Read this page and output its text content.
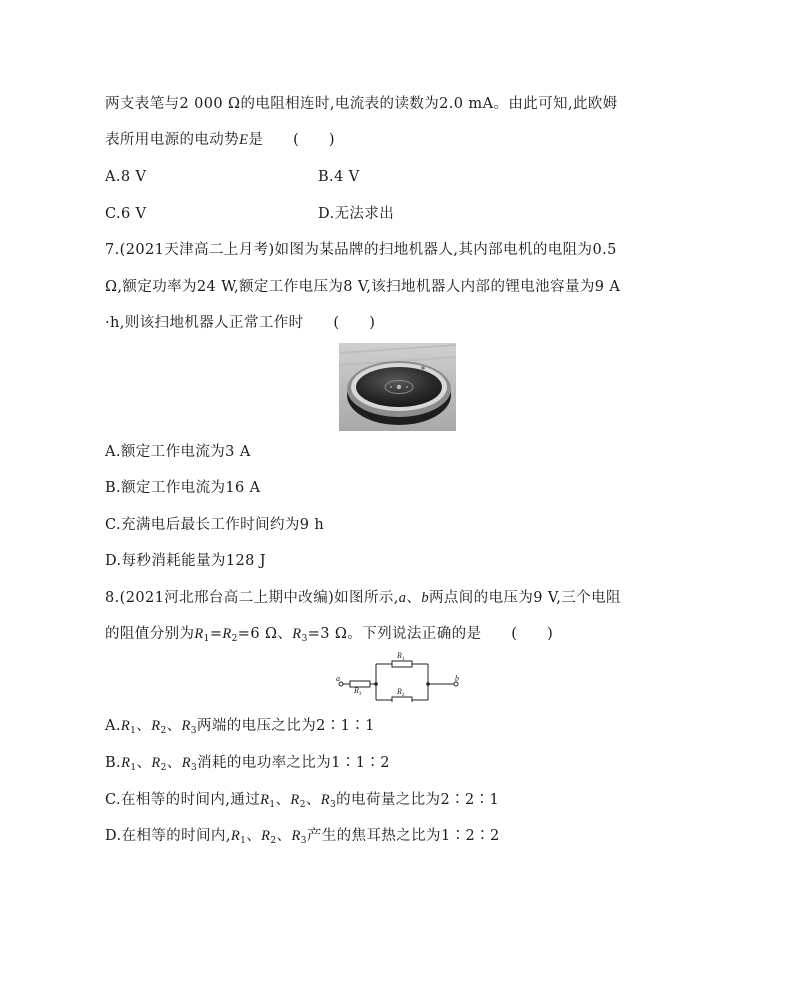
两支表笔与2 000 Ω的电阻相连时,电流表的读数为2.0 mA。由此可知,此欧姆
表所用电源的电动势E是　　(　　)
A.8 V	B.4 V
C.6 V	D.无法求出
7.(2021天津高二上月考)如图为某品牌的扫地机器人,其内部电机的电阻为0.5
Ω,额定功率为24 W,额定工作电压为8 V,该扫地机器人内部的锂电池容量为9 A
·h,则该扫地机器人正常工作时　　(　　)
A.额定工作电流为3 A
B.额定工作电流为16 A
C.充满电后最长工作时间约为9 h
D.每秒消耗能量为128 J
8.(2021河北邢台高二上期中改编)如图所示,a、b两点间的电压为9 V,三个电阻
的阻值分别为$R_1=R_2=6$ Ω、$R_3=3$ Ω。下列说法正确的是　　(　　)
a	b
$R_3$
$R_1$
$R_2$
$A.R_1$、$R_2$、$R_3$两端的电压之比为2∶1∶1
$B.R_1$、$R_2$、$R_3$消耗的电功率之比为1∶1∶2
C.在相等的时间内,通过$R_1$、$R_2$、$R_3$的电荷量之比为2∶2∶1
D.在相等的时间内$,R_1$、$R_2$、$R_3$产生的焦耳热之比为1∶2∶2
